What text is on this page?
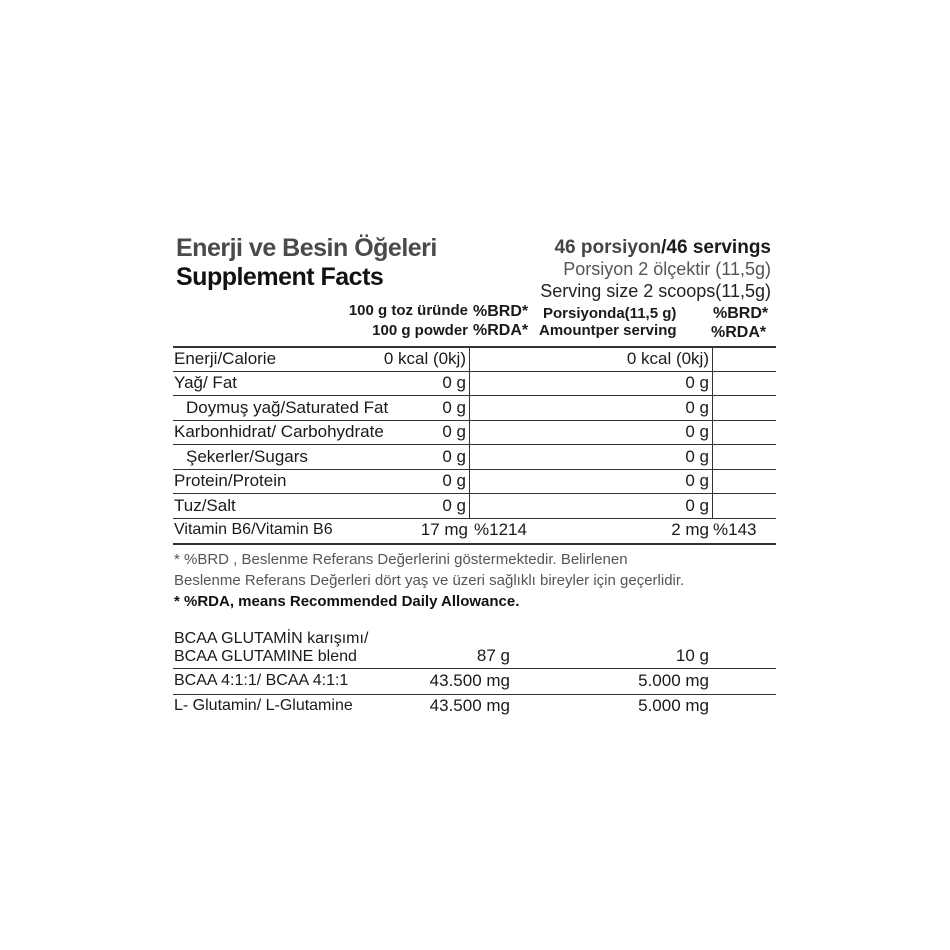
Enerji ve Besin Öğeleri
Supplement Facts
46 porsiyon/46 servings
Porsiyon 2 ölçektir (11,5g)
Serving size 2 scoops(11,5g)
100 g toz üründe
100 g powder
%BRD*
%RDA*
Porsiyonda(11,5 g)
Amountper serving
%BRD*
%RDA*
Enerji/Calorie	0 kcal (0kj)	0 kcal (0kj)
Yağ/ Fat	0 g	0 g
Doymuş yağ/Saturated Fat	0 g	0 g
Karbonhidrat/ Carbohydrate	0 g	0 g
Şekerler/Sugars	0 g	0 g
Protein/Protein	0 g	0 g
Tuz/Salt	0 g	0 g
Vitamin B6/Vitamin B6	17 mg %1214	2 mg %143
* %BRD , Beslenme Referans Değerlerini göstermektedir. Belirlenen
Beslenme Referans Değerleri dört yaş ve üzeri sağlıklı bireyler için geçerlidir.
* %RDA, means Recommended Daily Allowance.
BCAA GLUTAMİN karışımı/
BCAA GLUTAMINE blend	87 g	10 g
BCAA 4:1:1/ BCAA 4:1:1	43.500 mg	5.000 mg
L- Glutamin/ L-Glutamine	43.500 mg	5.000 mg
